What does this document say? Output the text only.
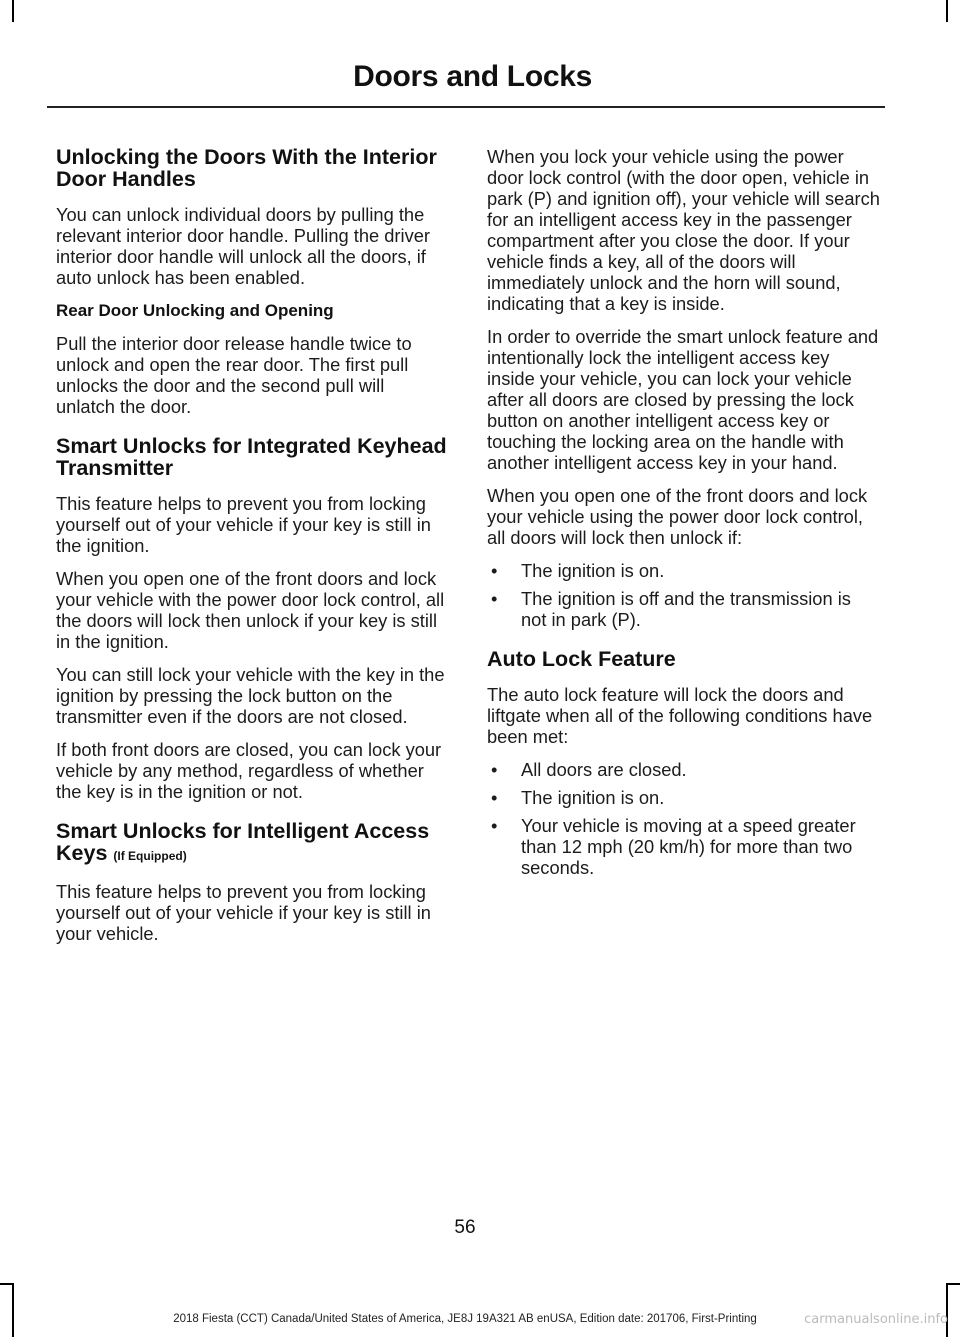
Doors and Locks
Unlocking the Doors With the Interior Door Handles

You can unlock individual doors by pulling the relevant interior door handle. Pulling the driver interior door handle will unlock all the doors, if auto unlock has been enabled.

Rear Door Unlocking and Opening

Pull the interior door release handle twice to unlock and open the rear door. The first pull unlocks the door and the second pull will unlatch the door.

Smart Unlocks for Integrated Keyhead Transmitter

This feature helps to prevent you from locking yourself out of your vehicle if your key is still in the ignition.

When you open one of the front doors and lock your vehicle with the power door lock control, all the doors will lock then unlock if your key is still in the ignition.

You can still lock your vehicle with the key in the ignition by pressing the lock button on the transmitter even if the doors are not closed.

If both front doors are closed, you can lock your vehicle by any method, regardless of whether the key is in the ignition or not.

Smart Unlocks for Intelligent Access Keys (If Equipped)

This feature helps to prevent you from locking yourself out of your vehicle if your key is still in your vehicle.

When you lock your vehicle using the power door lock control (with the door open, vehicle in park (P) and ignition off), your vehicle will search for an intelligent access key in the passenger compartment after you close the door. If your vehicle finds a key, all of the doors will immediately unlock and the horn will sound, indicating that a key is inside.

In order to override the smart unlock feature and intentionally lock the intelligent access key inside your vehicle, you can lock your vehicle after all doors are closed by pressing the lock button on another intelligent access key or touching the locking area on the handle with another intelligent access key in your hand.

When you open one of the front doors and lock your vehicle using the power door lock control, all doors will lock then unlock if:

• The ignition is on.
• The ignition is off and the transmission is not in park (P).
Auto Lock Feature

The auto lock feature will lock the doors and liftgate when all of the following conditions have been met:

• All doors are closed.
• The ignition is on.
• Your vehicle is moving at a speed greater than 12 mph (20 km/h) for more than two seconds.
56
2018 Fiesta (CCT) Canada/United States of America, JE8J 19A321 AB enUSA, Edition date: 201706, First-Printing	carmanualsonline.info
